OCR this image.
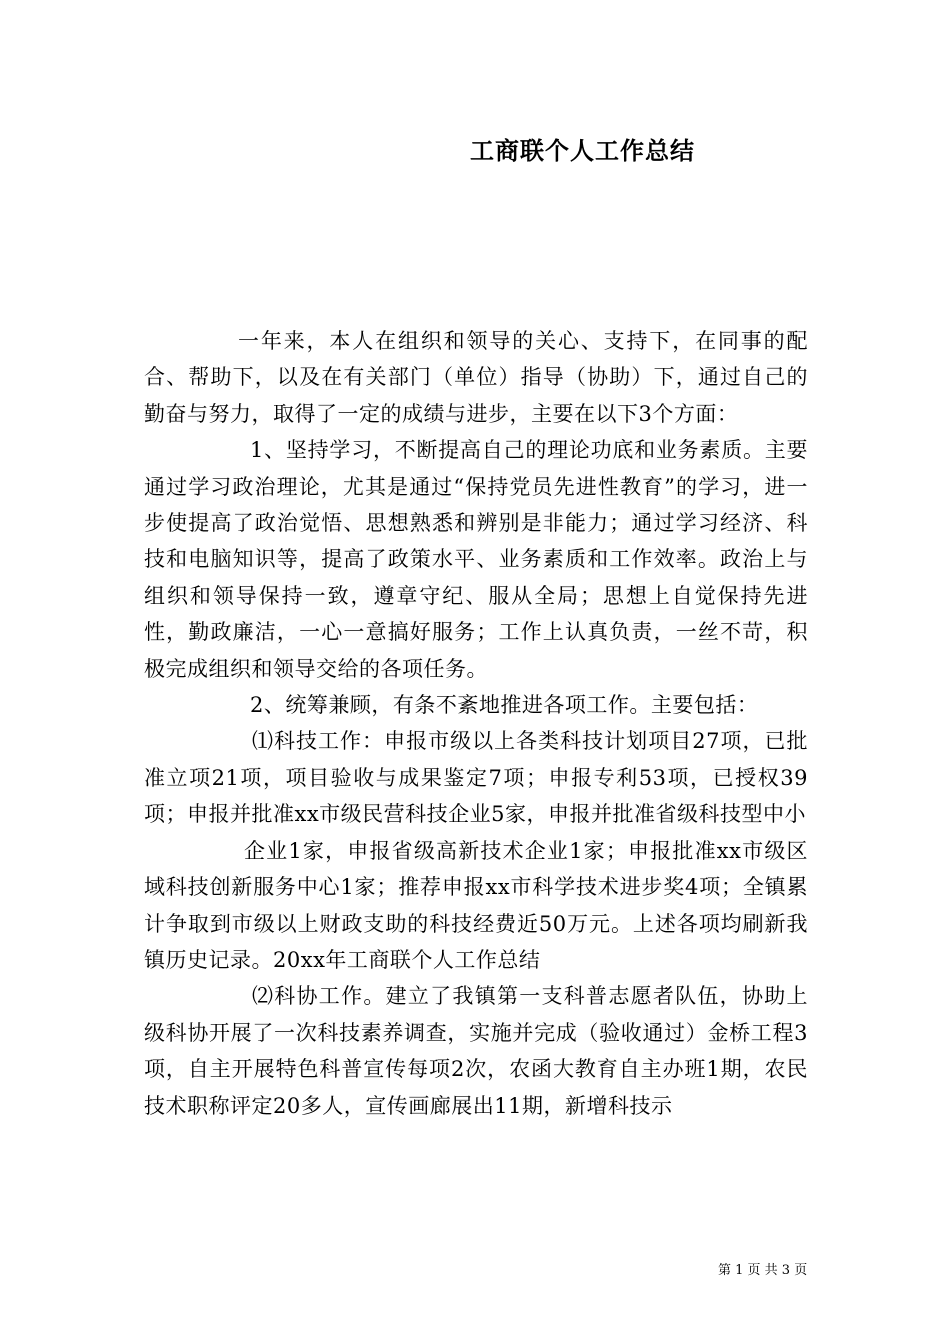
工商联个人工作总结

一年来，本人在组织和领导的关心、支持下，在同事的配合、帮助下，以及在有关部门（单位）指导（协助）下，通过自己的勤奋与努力，取得了一定的成绩与进步，主要在以下3个方面：

1、坚持学习，不断提高自己的理论功底和业务素质。主要通过学习政治理论，尤其是通过“保持党员先进性教育”的学习，进一步使提高了政治觉悟、思想熟悉和辨别是非能力；通过学习经济、科技和电脑知识等，提高了政策水平、业务素质和工作效率。政治上与组织和领导保持一致，遵章守纪、服从全局；思想上自觉保持先进性，勤政廉洁，一心一意搞好服务；工作上认真负责，一丝不苛，积极完成组织和领导交给的各项任务。

2、统筹兼顾，有条不紊地推进各项工作。主要包括：

⑴科技工作：申报市级以上各类科技计划项目27项，已批准立项21项，项目验收与成果鉴定7项；申报专利53项，已授权39项；申报并批准xx市级民营科技企业5家，申报并批准省级科技型中小

企业1家，申报省级高新技术企业1家；申报批准xx市级区域科技创新服务中心1家；推荐申报xx市科学技术进步奖4项；全镇累计争取到市级以上财政支助的科技经费近50万元。上述各项均刷新我镇历史记录。20xx年工商联个人工作总结

⑵科协工作。建立了我镇第一支科普志愿者队伍，协助上级科协开展了一次科技素养调查，实施并完成（验收通过）金桥工程3项，自主开展特色科普宣传每项2次，农函大教育自主办班1期，农民技术职称评定20多人，宣传画廊展出11期，新增科技示

第 1 页 共 3 页
